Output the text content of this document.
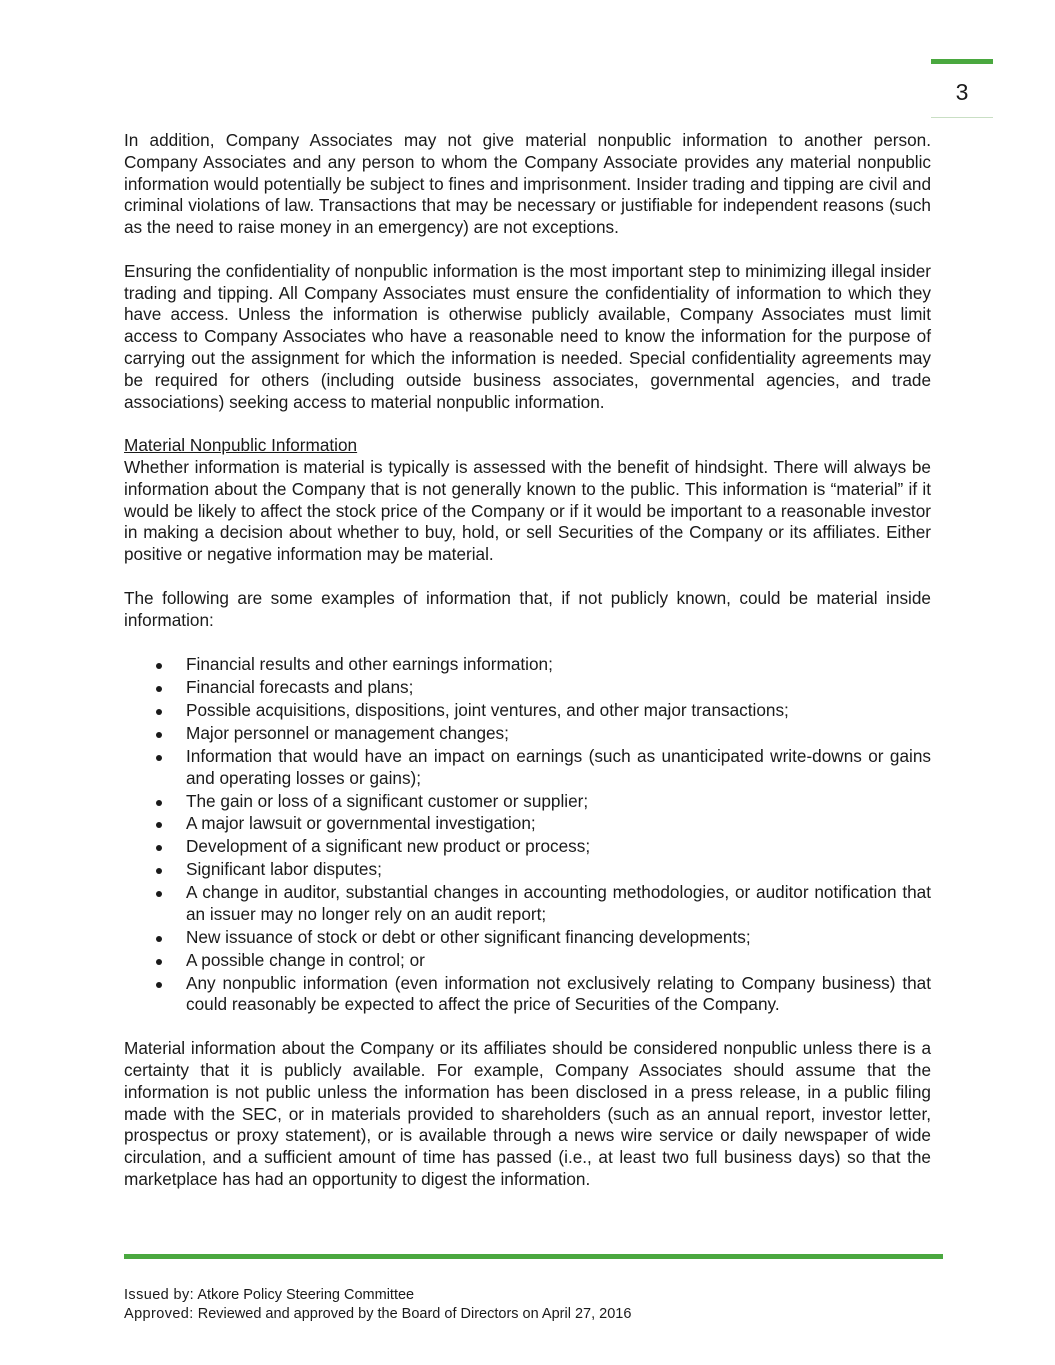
3

In addition, Company Associates may not give material nonpublic information to another person. Company Associates and any person to whom the Company Associate provides any material nonpublic information would potentially be subject to fines and imprisonment. Insider trading and tipping are civil and criminal violations of law. Transactions that may be necessary or justifiable for independent reasons (such as the need to raise money in an emergency) are not exceptions.

Ensuring the confidentiality of nonpublic information is the most important step to minimizing illegal insider trading and tipping. All Company Associates must ensure the confidentiality of information to which they have access. Unless the information is otherwise publicly available, Company Associates must limit access to Company Associates who have a reasonable need to know the information for the purpose of carrying out the assignment for which the information is needed. Special confidentiality agreements may be required for others (including outside business associates, governmental agencies, and trade associations) seeking access to material nonpublic information.

Material Nonpublic Information

Whether information is material is typically is assessed with the benefit of hindsight. There will always be information about the Company that is not generally known to the public. This information is “material” if it would be likely to affect the stock price of the Company or if it would be important to a reasonable investor in making a decision about whether to buy, hold, or sell Securities of the Company or its affiliates. Either positive or negative information may be material.

The following are some examples of information that, if not publicly known, could be material inside information:

Financial results and other earnings information;
Financial forecasts and plans;
Possible acquisitions, dispositions, joint ventures, and other major transactions;
Major personnel or management changes;
Information that would have an impact on earnings (such as unanticipated write-downs or gains and operating losses or gains);
The gain or loss of a significant customer or supplier;
A major lawsuit or governmental investigation;
Development of a significant new product or process;
Significant labor disputes;
A change in auditor, substantial changes in accounting methodologies, or auditor notification that an issuer may no longer rely on an audit report;
New issuance of stock or debt or other significant financing developments;
A possible change in control; or
Any nonpublic information (even information not exclusively relating to Company business) that could reasonably be expected to affect the price of Securities of the Company.

Material information about the Company or its affiliates should be considered nonpublic unless there is a certainty that it is publicly available. For example, Company Associates should assume that the information is not public unless the information has been disclosed in a press release, in a public filing made with the SEC, or in materials provided to shareholders (such as an annual report, investor letter, prospectus or proxy statement), or is available through a news wire service or daily newspaper of wide circulation, and a sufficient amount of time has passed (i.e., at least two full business days) so that the marketplace has had an opportunity to digest the information.

Issued by: Atkore Policy Steering Committee
Approved: Reviewed and approved by the Board of Directors on April 27, 2016
